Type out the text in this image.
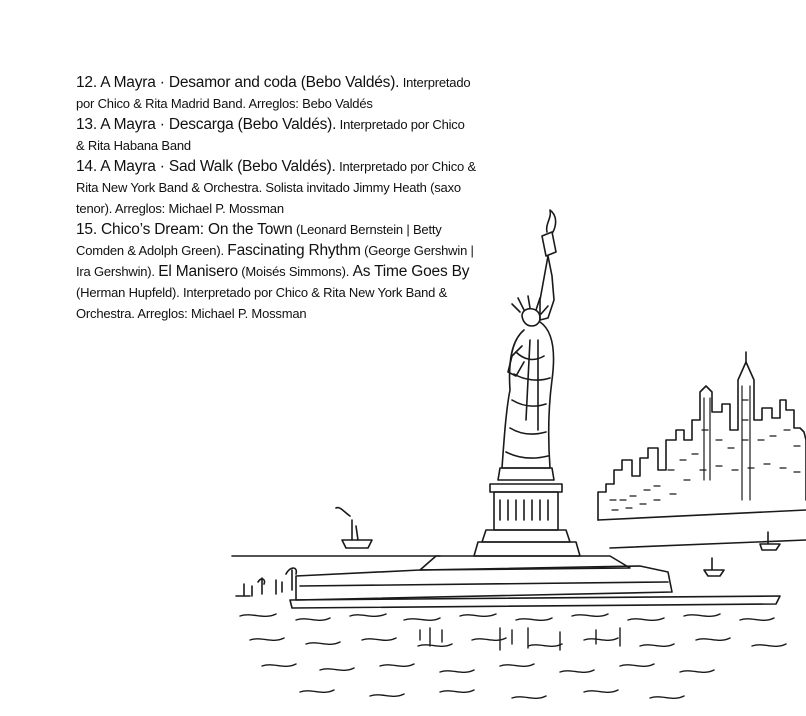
12. A Mayra · Desamor and coda (Bebo Valdés). Interpretado por Chico & Rita Madrid Band. Arreglos: Bebo Valdés
13. A Mayra · Descarga (Bebo Valdés). Interpretado por Chico & Rita Habana Band
14. A Mayra · Sad Walk (Bebo Valdés). Interpretado por Chico & Rita New York Band & Orchestra. Solista invitado Jimmy Heath (saxo tenor). Arreglos: Michael P. Mossman
15. Chico’s Dream: On the Town (Leonard Bernstein | Betty Comden & Adolph Green). Fascinating Rhythm (George Gershwin | Ira Gershwin). El Manisero (Moisés Simmons). As Time Goes By (Herman Hupfeld). Interpretado por Chico & Rita New York Band & Orchestra. Arreglos: Michael P. Mossman
